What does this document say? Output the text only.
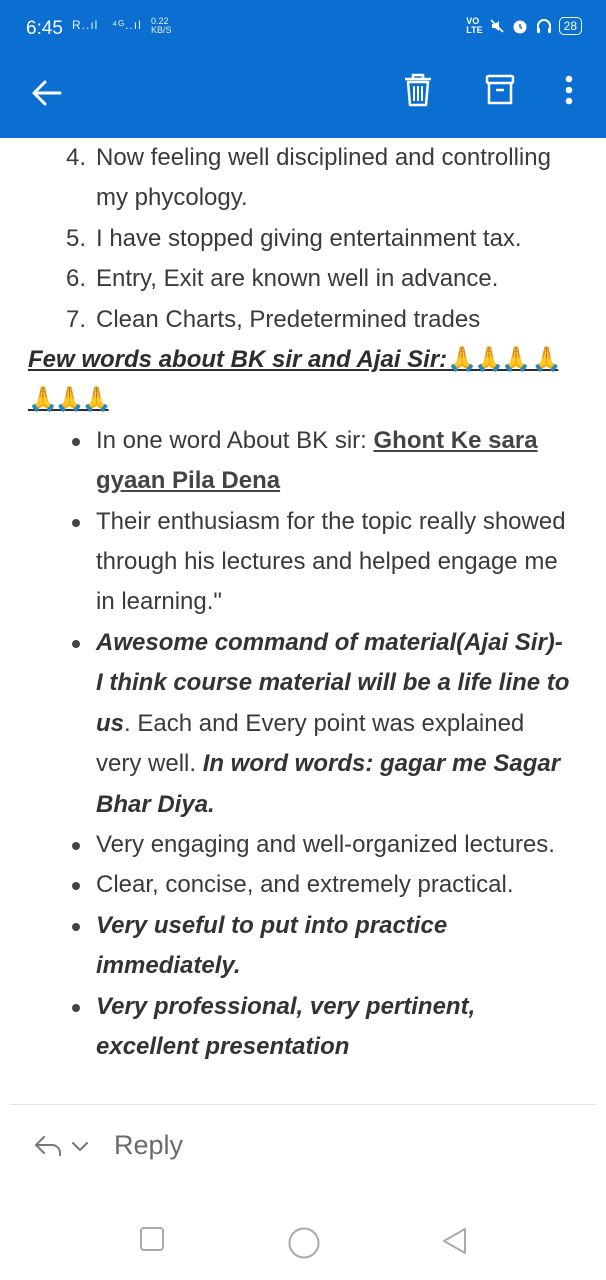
6:45 R..ıl ⁴ᴳ..ıl 0.22
KB/S
VO
LTE	28
4. Now feeling well disciplined and controlling my phycology.
5. I have stopped giving entertainment tax.
6. Entry, Exit are known well in advance.
7. Clean Charts, Predetermined trades

Few words about BK sir and Ajai Sir:🙏🙏🙏 🙏🙏🙏🙏

In one word About BK sir: Ghont Ke sara gyaan Pila Dena
Their enthusiasm for the topic really showed through his lectures and helped engage me in learning."
Awesome command of material(Ajai Sir)- I think course material will be a life line to us. Each and Every point was explained very well. In word words: gagar me Sagar Bhar Diya.
Very engaging and well-organized lectures.
Clear, concise, and extremely practical.
Very useful to put into practice immediately.
Very professional, very pertinent, excellent presentation
Reply
